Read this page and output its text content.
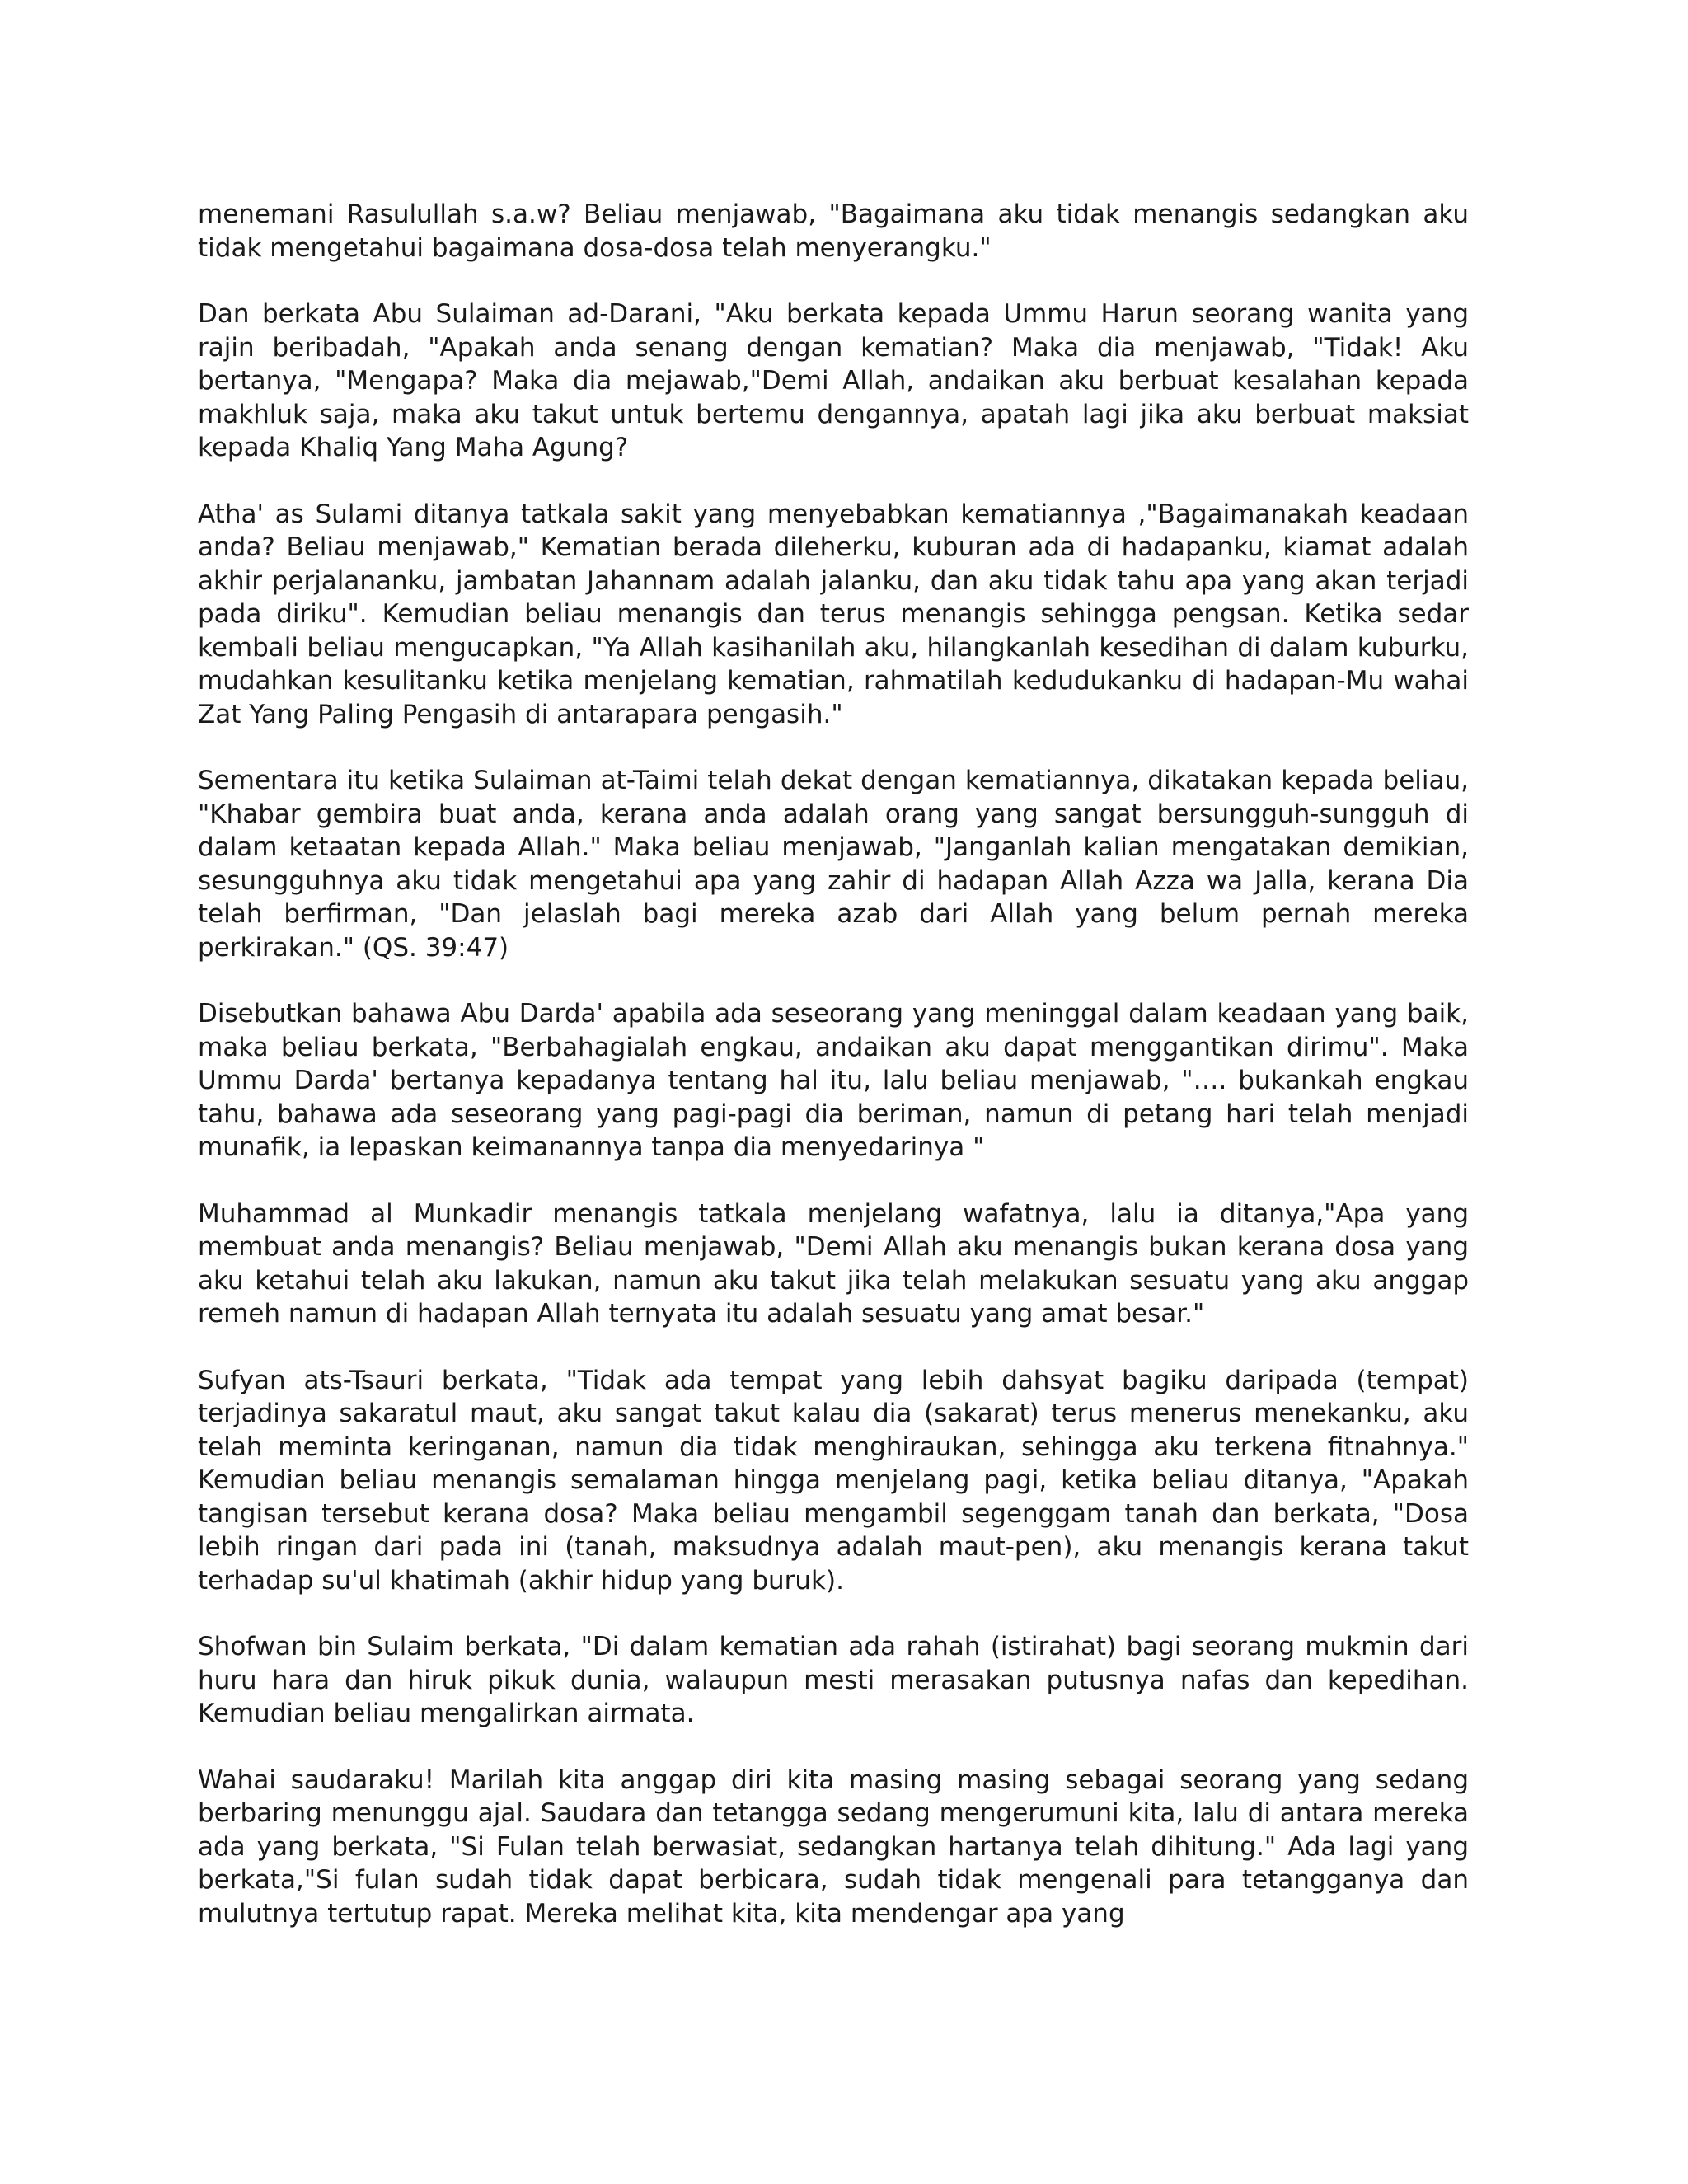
menemani Rasulullah s.a.w? Beliau menjawab, "Bagaimana aku tidak menangis sedangkan aku tidak mengetahui bagaimana dosa-dosa telah menyerangku."

Dan berkata Abu Sulaiman ad-Darani, "Aku berkata kepada Ummu Harun seorang wanita yang rajin beribadah, "Apakah anda senang dengan kematian? Maka dia menjawab, "Tidak! Aku bertanya, "Mengapa? Maka dia mejawab,"Demi Allah, andaikan aku berbuat kesalahan kepada makhluk saja, maka aku takut untuk bertemu dengannya, apatah lagi jika aku berbuat maksiat kepada Khaliq Yang Maha Agung?

Atha' as Sulami ditanya tatkala sakit yang menyebabkan kematiannya ,"Bagaimanakah keadaan anda? Beliau menjawab," Kematian berada dileherku, kuburan ada di hadapanku, kiamat adalah akhir perjalananku, jambatan Jahannam adalah jalanku, dan aku tidak tahu apa yang akan terjadi pada diriku". Kemudian beliau menangis dan terus menangis sehingga pengsan. Ketika sedar kembali beliau mengucapkan, "Ya Allah kasihanilah aku, hilangkanlah kesedihan di dalam kuburku, mudahkan kesulitanku ketika menjelang kematian, rahmatilah kedudukanku di hadapan-Mu wahai Zat Yang Paling Pengasih di antarapara pengasih."

Sementara itu ketika Sulaiman at-Taimi telah dekat dengan kematiannya, dikatakan kepada beliau, "Khabar gembira buat anda, kerana anda adalah orang yang sangat bersungguh-sungguh di dalam ketaatan kepada Allah." Maka beliau menjawab, "Janganlah kalian mengatakan demikian, sesungguhnya aku tidak mengetahui apa yang zahir di hadapan Allah Azza wa Jalla, kerana Dia telah berfirman, "Dan jelaslah bagi mereka azab dari Allah yang belum pernah mereka perkirakan." (QS. 39:47)

Disebutkan bahawa Abu Darda' apabila ada seseorang yang meninggal dalam keadaan yang baik, maka beliau berkata, "Berbahagialah engkau, andaikan aku dapat menggantikan dirimu". Maka Ummu Darda' bertanya kepadanya tentang hal itu, lalu beliau menjawab, "…. bukankah engkau tahu, bahawa ada seseorang yang pagi-pagi dia beriman, namun di petang hari telah menjadi munafik, ia lepaskan keimanannya tanpa dia menyedarinya "

Muhammad al Munkadir menangis tatkala menjelang wafatnya, lalu ia ditanya,"Apa yang membuat anda menangis? Beliau menjawab, "Demi Allah aku menangis bukan kerana dosa yang aku ketahui telah aku lakukan, namun aku takut jika telah melakukan sesuatu yang aku anggap remeh namun di hadapan Allah ternyata itu adalah sesuatu yang amat besar."

Sufyan ats-Tsauri berkata, "Tidak ada tempat yang lebih dahsyat bagiku daripada (tempat) terjadinya sakaratul maut, aku sangat takut kalau dia (sakarat) terus menerus menekanku, aku telah meminta keringanan, namun dia tidak menghiraukan, sehingga aku terkena fitnahnya." Kemudian beliau menangis semalaman hingga menjelang pagi, ketika beliau ditanya, "Apakah tangisan tersebut kerana dosa? Maka beliau mengambil segenggam tanah dan berkata, "Dosa lebih ringan dari pada ini (tanah, maksudnya adalah maut-pen), aku menangis kerana takut terhadap su'ul khatimah (akhir hidup yang buruk).

Shofwan bin Sulaim berkata, "Di dalam kematian ada rahah (istirahat) bagi seorang mukmin dari huru hara dan hiruk pikuk dunia, walaupun mesti merasakan putusnya nafas dan kepedihan. Kemudian beliau mengalirkan airmata.

Wahai saudaraku! Marilah kita anggap diri kita masing masing sebagai seorang yang sedang berbaring menunggu ajal. Saudara dan tetangga sedang mengerumuni kita, lalu di antara mereka ada yang berkata, "Si Fulan telah berwasiat, sedangkan hartanya telah dihitung." Ada lagi yang berkata,"Si fulan sudah tidak dapat berbicara, sudah tidak mengenali para tetangganya dan mulutnya tertutup rapat. Mereka melihat kita, kita mendengar apa yang
